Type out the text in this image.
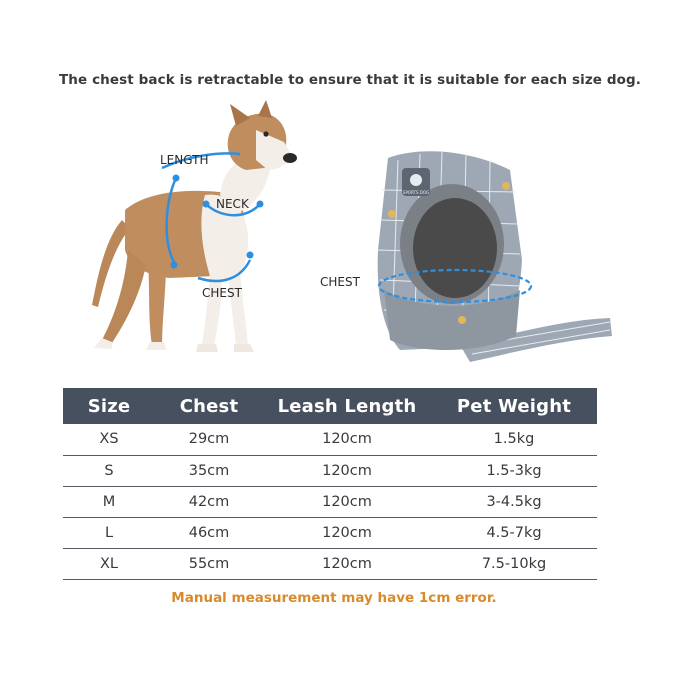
The chest back is retractable to ensure that it is suitable for each size dog.
LENGTH
NECK
CHEST
SPORTS DOG
CHEST
Size	Chest	Leash Length	Pet Weight
XS	29cm	120cm	1.5kg
S	35cm	120cm	1.5-3kg
M	42cm	120cm	3-4.5kg
L	46cm	120cm	4.5-7kg
XL	55cm	120cm	7.5-10kg
Manual measurement may have 1cm error.
